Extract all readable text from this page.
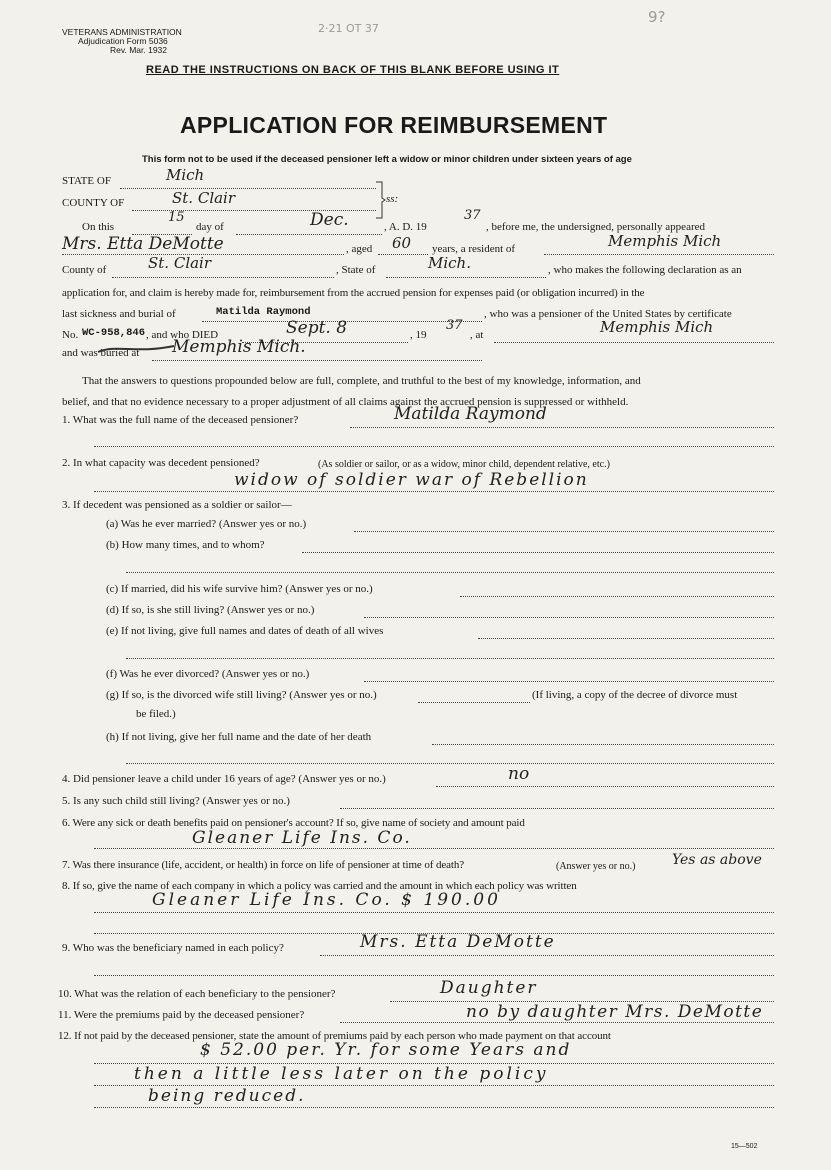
2·21 OT 37
9?
VETERANS ADMINISTRATION
Adjudication Form 5036
Rev. Mar. 1932
READ THE INSTRUCTIONS ON BACK OF THIS BLANK BEFORE USING IT
APPLICATION FOR REIMBURSEMENT
This form not to be used if the deceased pensioner left a widow or minor children under sixteen years of age
STATE OF	Mich
COUNTY OF	St. Clair	ss:
On this
15
day of	Dec.	, A. D. 19
37
, before me, the undersigned, personally appeared
Mrs. Etta DeMotte	, aged 60 years, a resident of	Memphis Mich
County of	St. Clair	, State of	Mich.	, who makes the following declaration as an
application for, and claim is hereby made for, reimbursement from the accrued pension for expenses paid (or obligation incurred) in the
last sickness and burial of	Matilda Raymond	, who was a pensioner of the United States by certificate
No. WC-958,846 , and who DIED	Sept. 8	, 19
37
, at	Memphis Mich
and was buried at Memphis Mich.
That the answers to questions propounded below are full, complete, and truthful to the best of my knowledge, information, and
belief, and that no evidence necessary to a proper adjustment of all claims against the accrued pension is suppressed or withheld.
1. What was the full name of the deceased pensioner?	Matilda Raymond
2. In what capacity was decedent pensioned?	(As soldier or sailor, or as a widow, minor child, dependent relative, etc.)
widow of soldier war of Rebellion
3. If decedent was pensioned as a soldier or sailor—
(a) Was he ever married? (Answer yes or no.)
(b) How many times, and to whom?
(c) If married, did his wife survive him? (Answer yes or no.)
(d) If so, is she still living? (Answer yes or no.)
(e) If not living, give full names and dates of death of all wives
(f) Was he ever divorced? (Answer yes or no.)
(g) If so, is the divorced wife still living? (Answer yes or no.)	(If living, a copy of the decree of divorce must
be filed.)
(h) If not living, give her full name and the date of her death
4. Did pensioner leave a child under 16 years of age? (Answer yes or no.)	no
5. Is any such child still living? (Answer yes or no.)
6. Were any sick or death benefits paid on pensioner's account? If so, give name of society and amount paid
Gleaner Life Ins. Co.
7. Was there insurance (life, accident, or health) in force on life of pensioner at time of death?	(Answer yes or no.)	Yes as above
8. If so, give the name of each company in which a policy was carried and the amount in which each policy was written
Gleaner Life Ins. Co. $ 190.00
9. Who was the beneficiary named in each policy?	Mrs. Etta DeMotte
10. What was the relation of each beneficiary to the pensioner?	Daughter
11. Were the premiums paid by the deceased pensioner?	no by daughter Mrs. DeMotte
12. If not paid by the deceased pensioner, state the amount of premiums paid by each person who made payment on that account
$ 52.00 per. Yr. for some Years and
then a little less later on the policy
being reduced.
15—502
